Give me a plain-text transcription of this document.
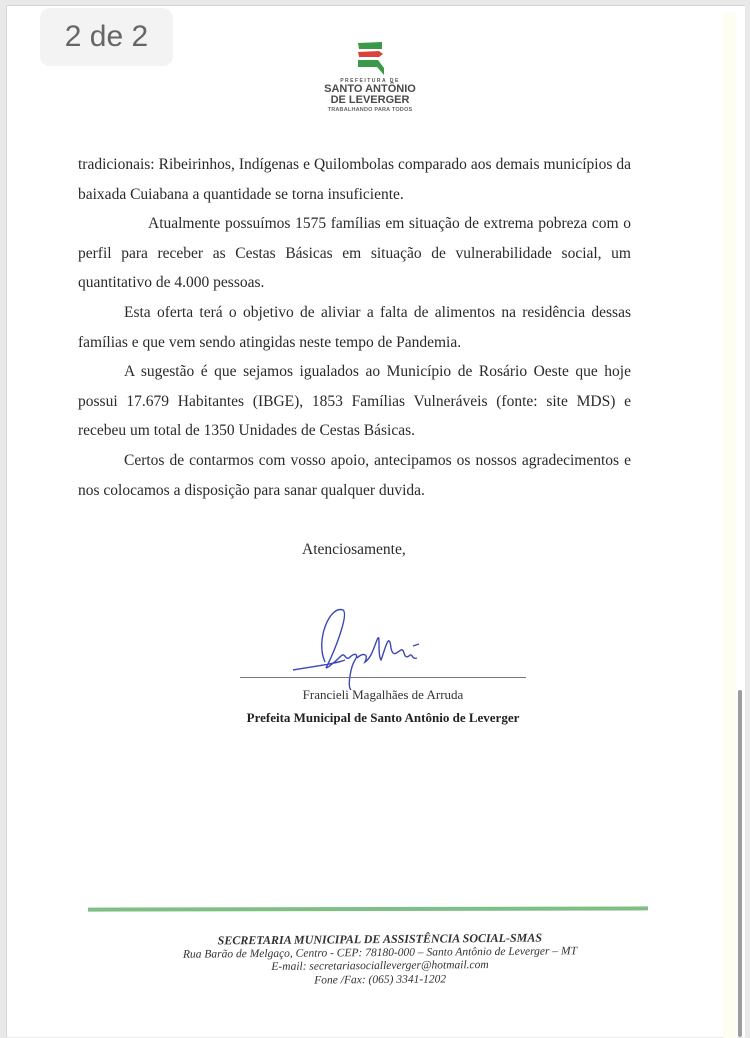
2 de 2
PREFEITURA DE
SANTO ANTÔNIO
DE LEVERGER
TRABALHANDO PARA TODOS

tradicionais: Ribeirinhos, Indígenas e Quilombolas comparado aos demais municípios da baixada Cuiabana a quantidade se torna insuficiente.

Atualmente possuímos 1575 famílias em situação de extrema pobreza com o perfil para receber as Cestas Básicas em situação de vulnerabilidade social, um quantitativo de 4.000 pessoas.

Esta oferta terá o objetivo de aliviar a falta de alimentos na residência dessas famílias e que vem sendo atingidas neste tempo de Pandemia.

A sugestão é que sejamos igualados ao Município de Rosário Oeste que hoje possui 17.679 Habitantes (IBGE), 1853 Famílias Vulneráveis (fonte: site MDS) e recebeu um total de 1350 Unidades de Cestas Básicas.

Certos de contarmos com vosso apoio, antecipamos os nossos agradecimentos e nos colocamos a disposição para sanar qualquer duvida.

Atenciosamente,
Francieli Magalhães de Arruda
Prefeita Municipal de Santo Antônio de Leverger
SECRETARIA MUNICIPAL DE ASSISTÊNCIA SOCIAL-SMAS
Rua Barão de Melgaço, Centro - CEP: 78180-000 – Santo Antônio de Leverger – MT
E-mail: secretariasocialleverger@hotmail.com
Fone /Fax: (065) 3341-1202
